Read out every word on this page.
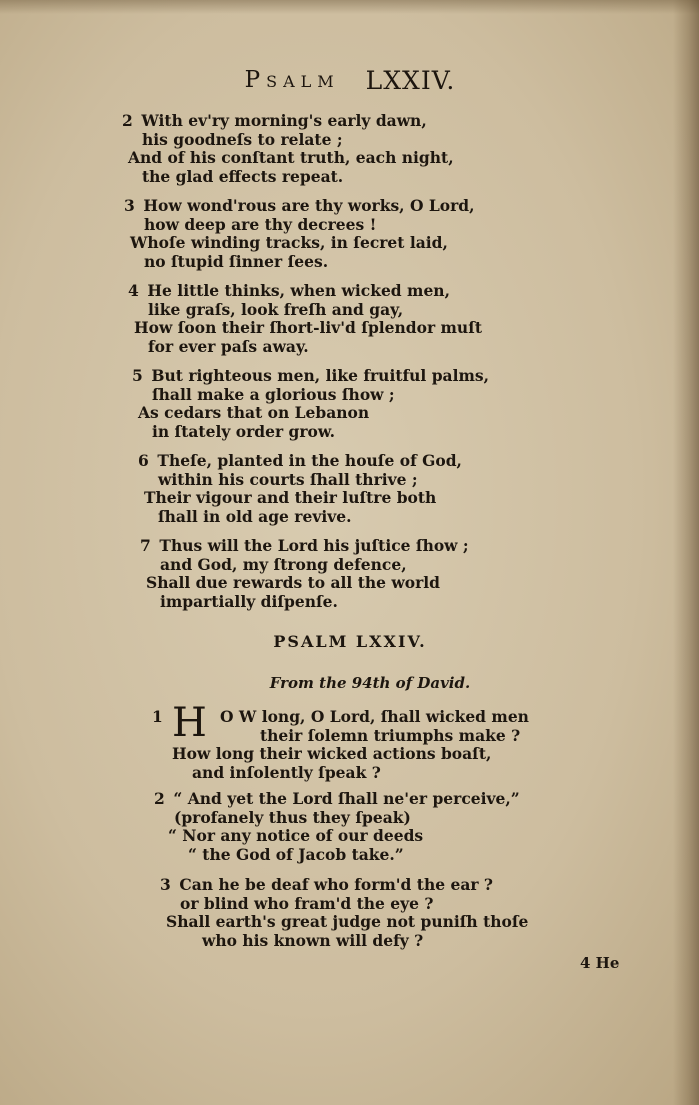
Psalm LXXIV.
2 With ev'ry morning's early dawn,
his goodneſs to relate ;
And of his conſtant truth, each night,
the glad effects repeat.
3 How wond'rous are thy works, O Lord,
how deep are thy decrees !
Whoſe winding tracks, in ſecret laid,
no ſtupid ſinner ſees.
4 He little thinks, when wicked men,
like graſs, look freſh and gay,
How ſoon their ſhort-liv'd ſplendor muſt
for ever paſs away.
5 But righteous men, like fruitful palms,
ſhall make a glorious ſhow ;
As cedars that on Lebanon
in ſtately order grow.
6 Theſe, planted in the houſe of God,
within his courts ſhall thrive ;
Their vigour and their luſtre both
ſhall in old age revive.
7 Thus will the Lord his juſtice ſhow ;
and God, my ſtrong defence,
Shall due rewards to all the world
impartially diſpenſe.
PSALM LXXIV.
From the 94th of David.
1 H O W long, O Lord, ſhall wicked men
their ſolemn triumphs make ?
How long their wicked actions boaſt,
and inſolently ſpeak ?
2 “ And yet the Lord ſhall ne'er perceive,”
(profanely thus they ſpeak)
“ Nor any notice of our deeds
“ the God of Jacob take.”
3 Can he be deaf who form'd the ear ?
or blind who fram'd the eye ?
Shall earth's great judge not puniſh thoſe
who his known will defy ?
4 He
